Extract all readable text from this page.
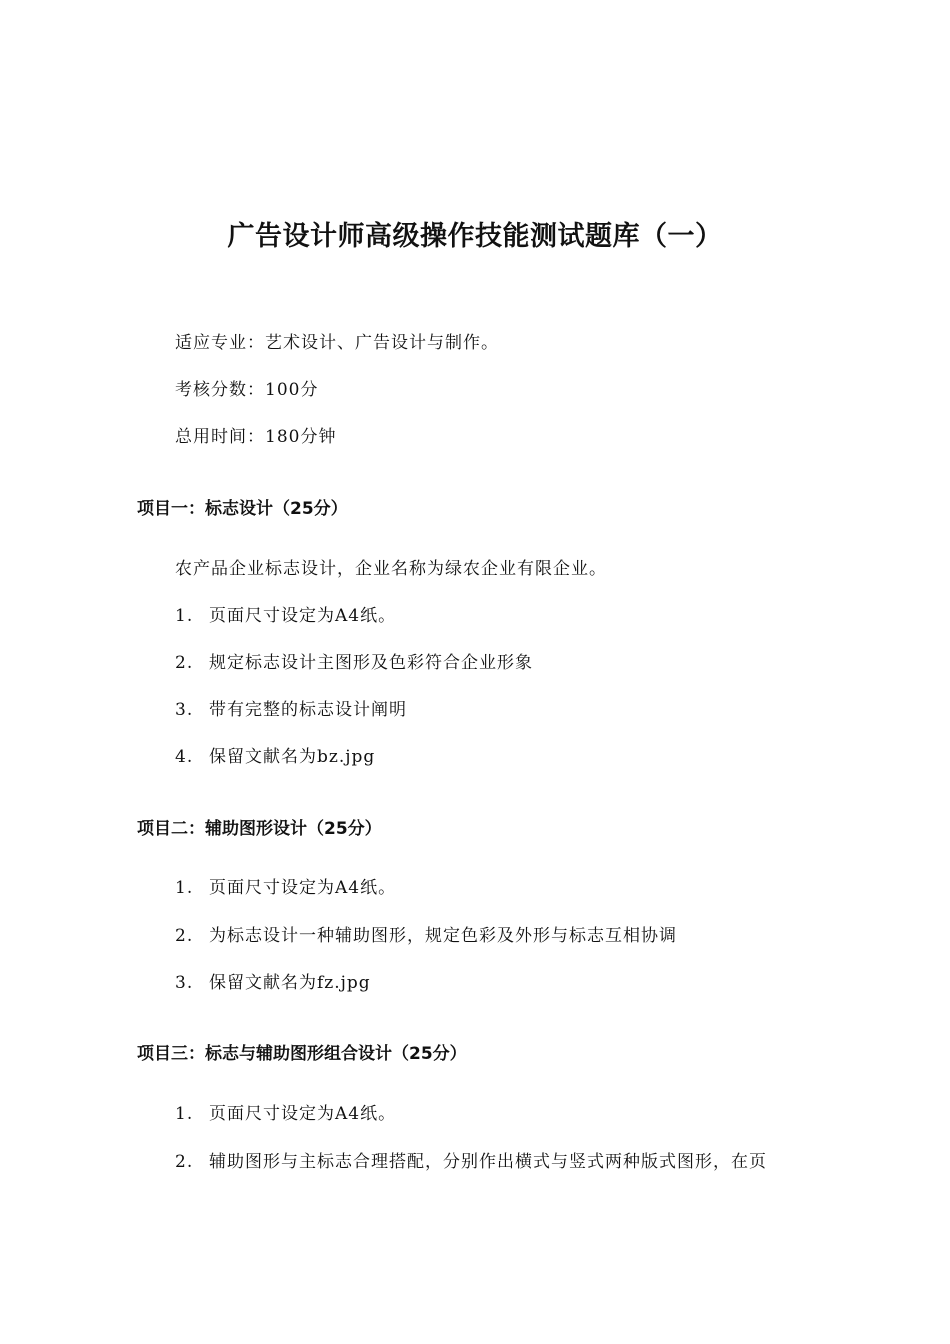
广告设计师高级操作技能测试题库（一）
适应专业：艺术设计、广告设计与制作。
考核分数：100分
总用时间：180分钟
项目一：标志设计（25分）
农产品企业标志设计，企业名称为绿农企业有限企业。
1. 页面尺寸设定为A4纸。
2. 规定标志设计主图形及色彩符合企业形象
3. 带有完整的标志设计阐明
4. 保留文献名为bz.jpg
项目二：辅助图形设计（25分）
1. 页面尺寸设定为A4纸。
2. 为标志设计一种辅助图形，规定色彩及外形与标志互相协调
3. 保留文献名为fz.jpg
项目三：标志与辅助图形组合设计（25分）
1. 页面尺寸设定为A4纸。
2. 辅助图形与主标志合理搭配，分别作出横式与竖式两种版式图形，在页
